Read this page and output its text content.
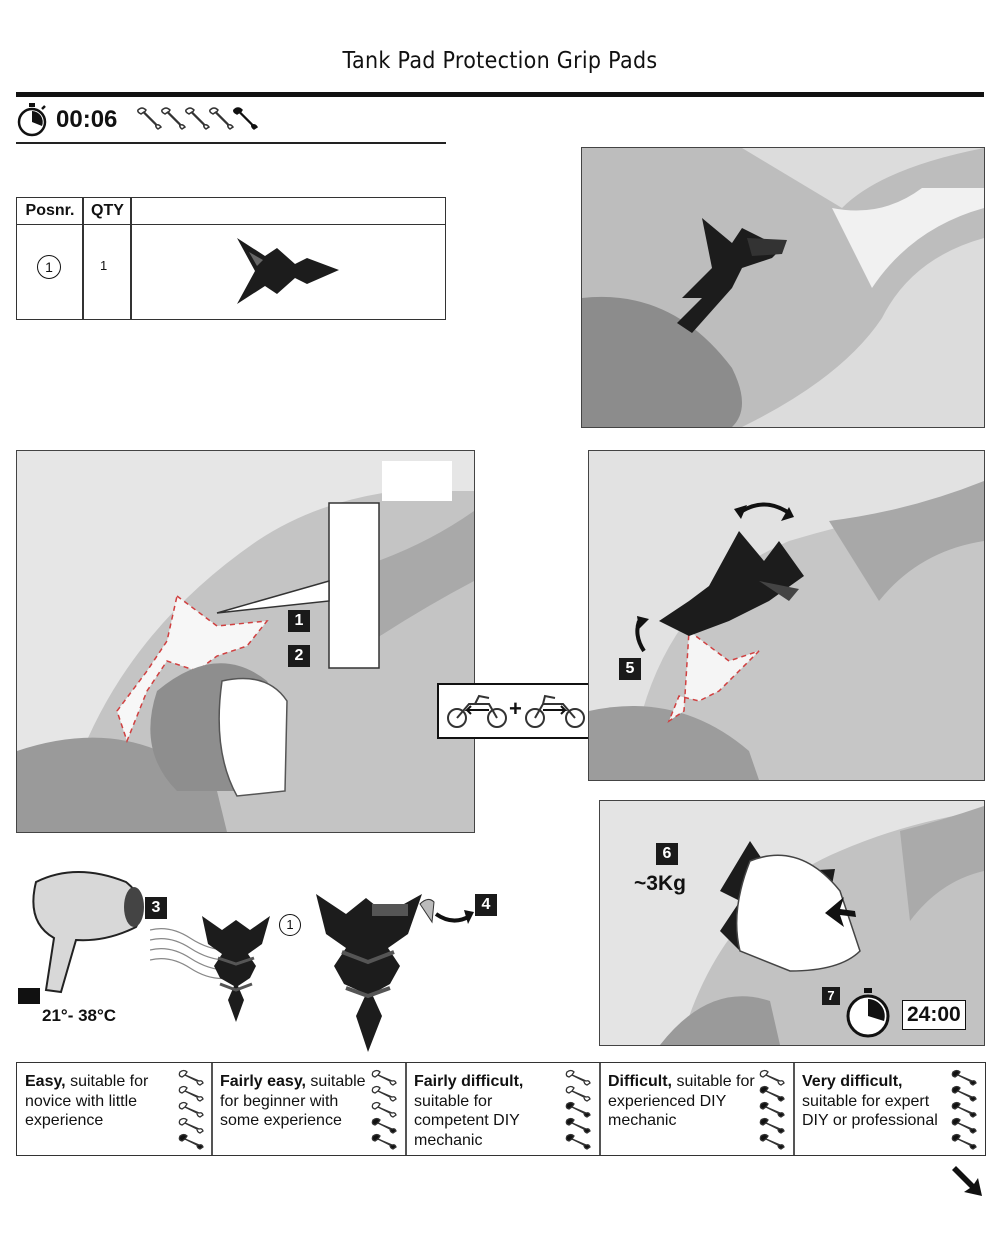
Tank Pad Protection Grip Pads
00:06
Posnr.	QTY
1	1
1
2
+
5
3
21°- 38°C
1
4
6
~3Kg
7
24:00
Easy, suitable for novice with little experience
Fairly easy, suitable for beginner with some experience
Fairly difficult, suitable for competent DIY mechanic
Difficult, suitable for experienced DIY mechanic
Very difficult, suitable for expert DIY or professional
